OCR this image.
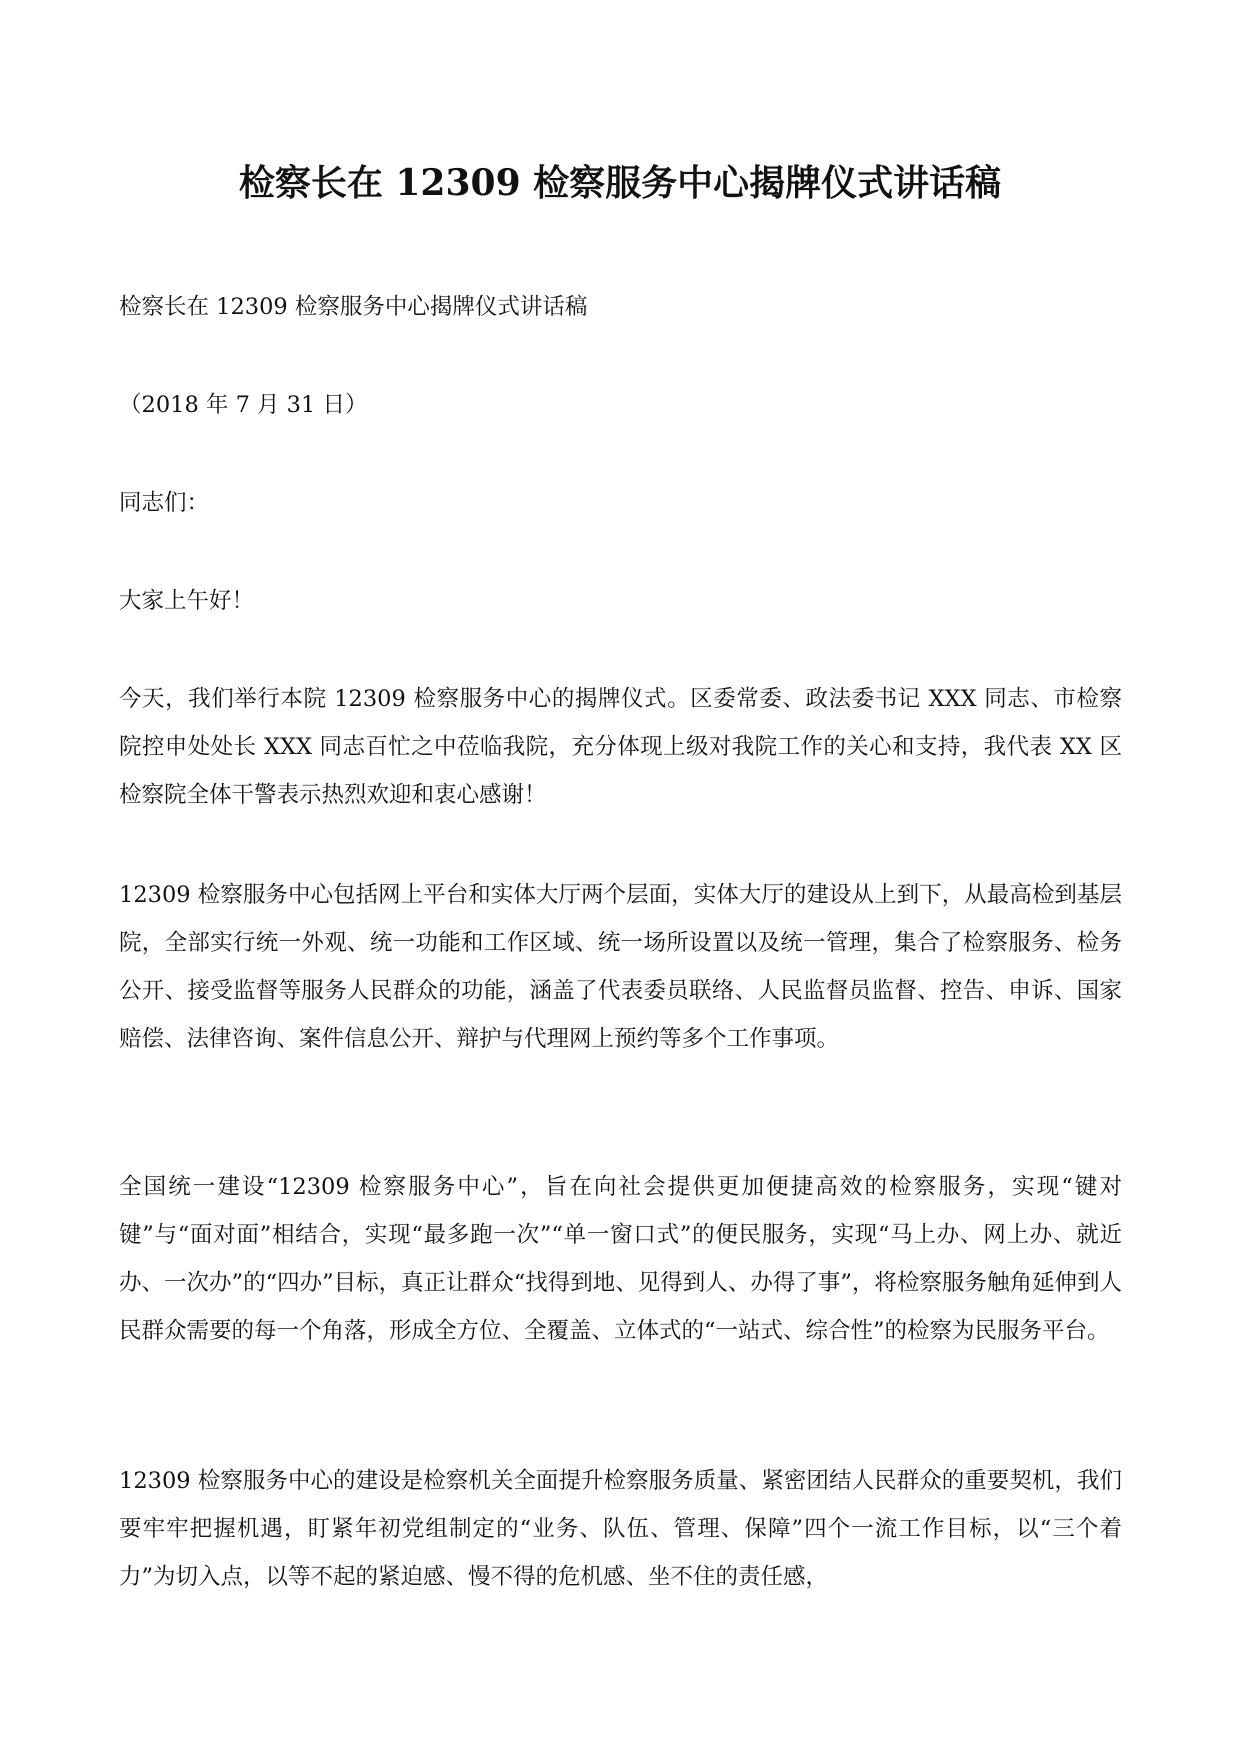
检察长在 12309 检察服务中心揭牌仪式讲话稿

检察长在 12309 检察服务中心揭牌仪式讲话稿

（2018 年 7 月 31 日）

同志们：

大家上午好！

今天，我们举行本院 12309 检察服务中心的揭牌仪式。区委常委、政法委书记 XXX 同志、市检察院控申处处长 XXX 同志百忙之中莅临我院，充分体现上级对我院工作的关心和支持，我代表 XX 区检察院全体干警表示热烈欢迎和衷心感谢！

12309 检察服务中心包括网上平台和实体大厅两个层面，实体大厅的建设从上到下，从最高检到基层院，全部实行统一外观、统一功能和工作区域、统一场所设置以及统一管理，集合了检察服务、检务公开、接受监督等服务人民群众的功能，涵盖了代表委员联络、人民监督员监督、控告、申诉、国家赔偿、法律咨询、案件信息公开、辩护与代理网上预约等多个工作事项。

全国统一建设“12309 检察服务中心”，旨在向社会提供更加便捷高效的检察服务，实现“键对键”与“面对面”相结合，实现“最多跑一次”“单一窗口式”的便民服务，实现“马上办、网上办、就近办、一次办”的“四办”目标，真正让群众“找得到地、见得到人、办得了事”，将检察服务触角延伸到人民群众需要的每一个角落，形成全方位、全覆盖、立体式的“一站式、综合性”的检察为民服务平台。

12309 检察服务中心的建设是检察机关全面提升检察服务质量、紧密团结人民群众的重要契机，我们要牢牢把握机遇，盯紧年初党组制定的“业务、队伍、管理、保障”四个一流工作目标，以“三个着力”为切入点，以等不起的紧迫感、慢不得的危机感、坐不住的责任感，
